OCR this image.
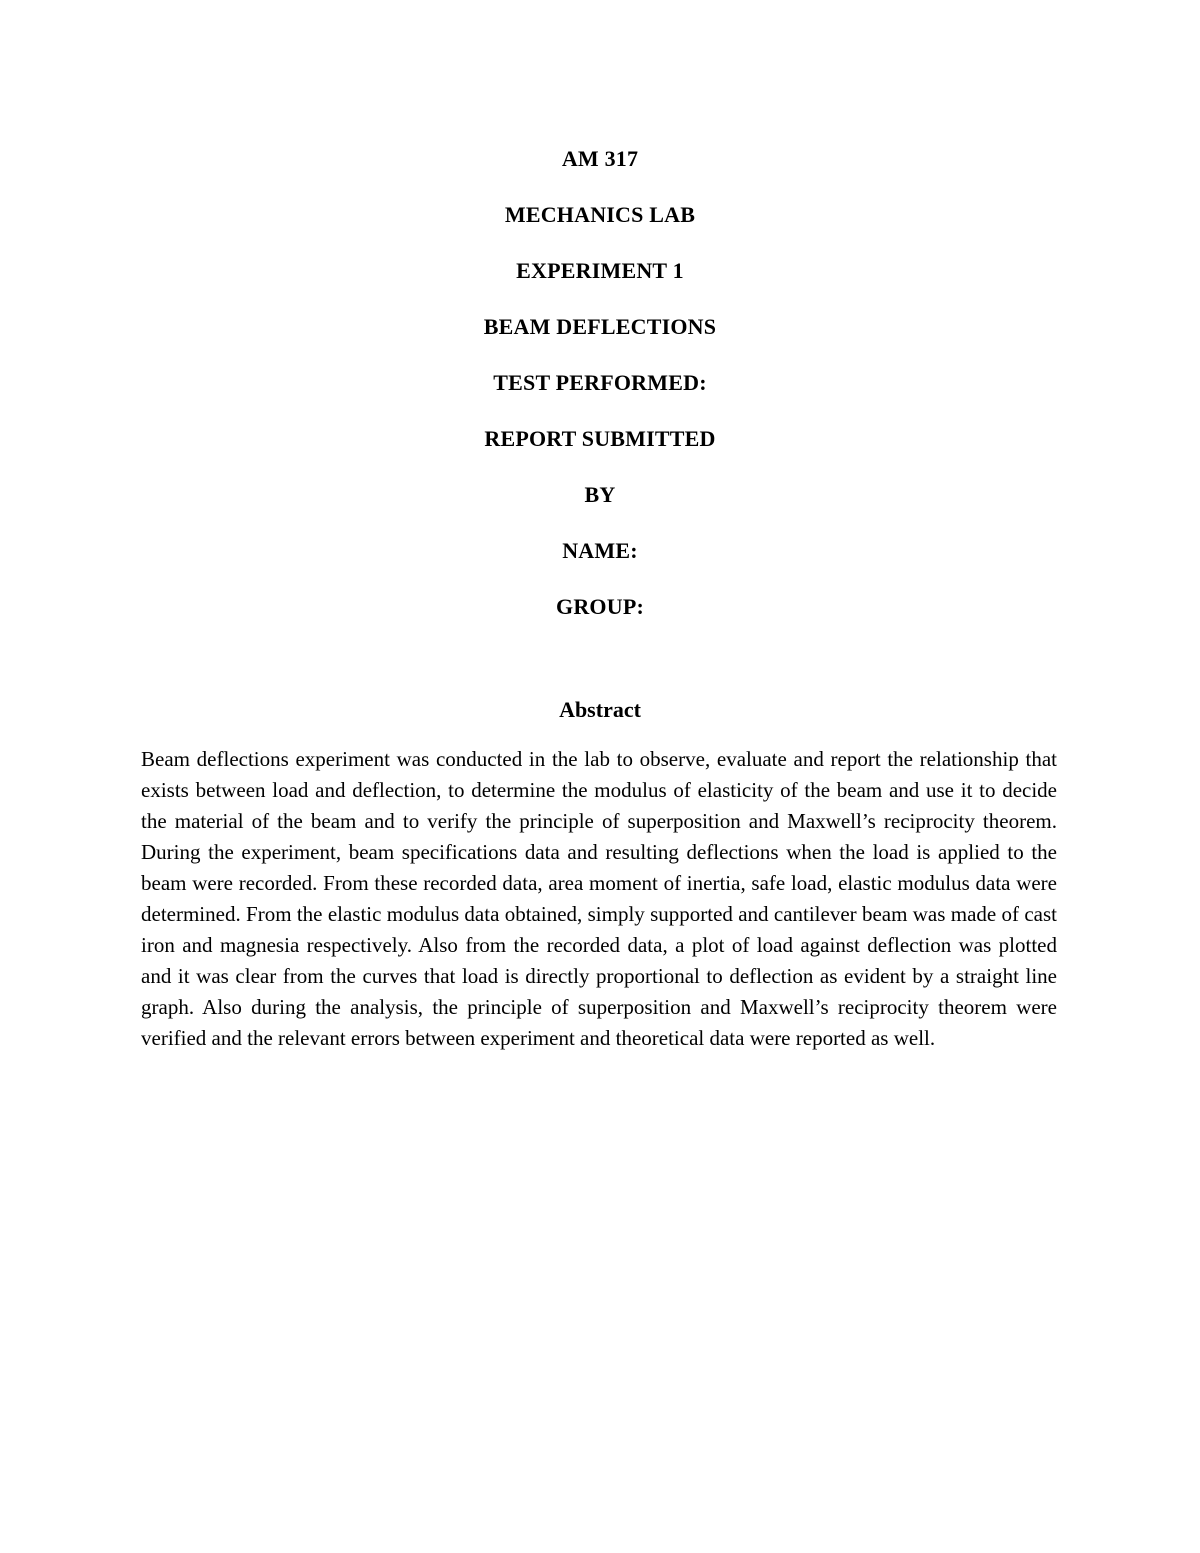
AM 317
MECHANICS LAB
EXPERIMENT 1
BEAM DEFLECTIONS
TEST PERFORMED:
REPORT SUBMITTED
BY
NAME:
GROUP:
Abstract

Beam deflections experiment was conducted in the lab to observe, evaluate and report the relationship that exists between load and deflection, to determine the modulus of elasticity of the beam and use it to decide the material of the beam and to verify the principle of superposition and Maxwell’s reciprocity theorem. During the experiment, beam specifications data and resulting deflections when the load is applied to the beam were recorded. From these recorded data, area moment of inertia, safe load, elastic modulus data were determined. From the elastic modulus data obtained, simply supported and cantilever beam was made of cast iron and magnesia respectively. Also from the recorded data, a plot of load against deflection was plotted and it was clear from the curves that load is directly proportional to deflection as evident by a straight line graph. Also during the analysis, the principle of superposition and Maxwell’s reciprocity theorem were verified and the relevant errors between experiment and theoretical data were reported as well.
